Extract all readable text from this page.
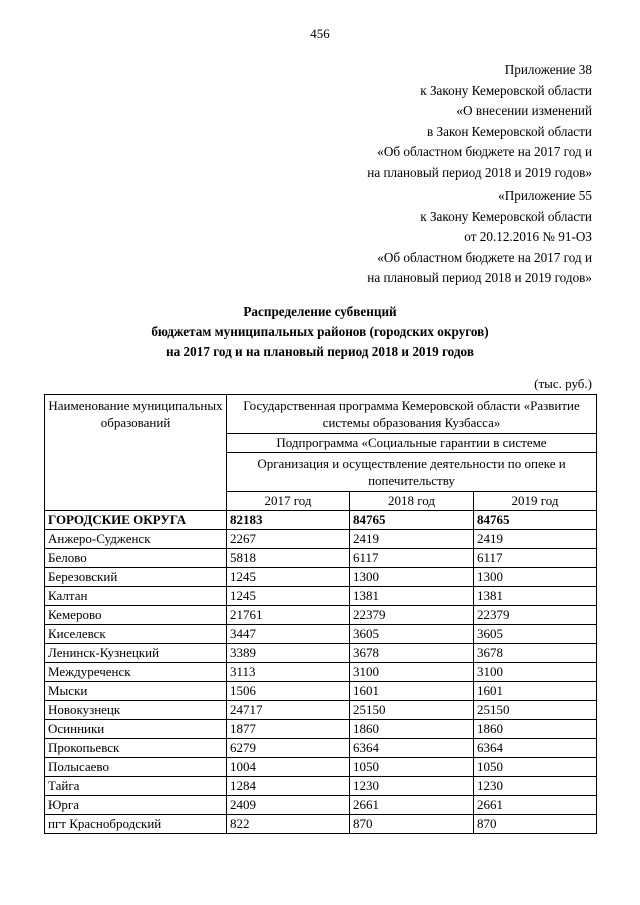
456
Приложение 38
к Закону Кемеровской области
«О внесении изменений
в Закон Кемеровской области
«Об областном бюджете на 2017 год и
на плановый период 2018 и 2019 годов»
«Приложение 55
к Закону Кемеровской области
от 20.12.2016 № 91-ОЗ
«Об областном бюджете на 2017 год и
на плановый период 2018 и 2019 годов»
Распределение субвенций
бюджетам муниципальных районов (городских округов)
на 2017 год и на плановый период 2018 и 2019 годов
(тыс. руб.)
Наименование муниципальных образований	Государственная программа Кемеровской области «Развитие системы образования Кузбасса»		
	Подпрограмма «Социальные гарантии в системе		
	Организация и осуществление деятельности по опеке и попечительству		
	2017 год	2018 год	2019 год
ГОРОДСКИЕ ОКРУГА	82183	84765	84765
Анжеро-Судженск	2267	2419	2419
Белово	5818	6117	6117
Березовский	1245	1300	1300
Калтан	1245	1381	1381
Кемерово	21761	22379	22379
Киселевск	3447	3605	3605
Ленинск-Кузнецкий	3389	3678	3678
Междуреченск	3113	3100	3100
Мыски	1506	1601	1601
Новокузнецк	24717	25150	25150
Осинники	1877	1860	1860
Прокопьевск	6279	6364	6364
Полысаево	1004	1050	1050
Тайга	1284	1230	1230
Юрга	2409	2661	2661
пгт Краснобродский	822	870	870
